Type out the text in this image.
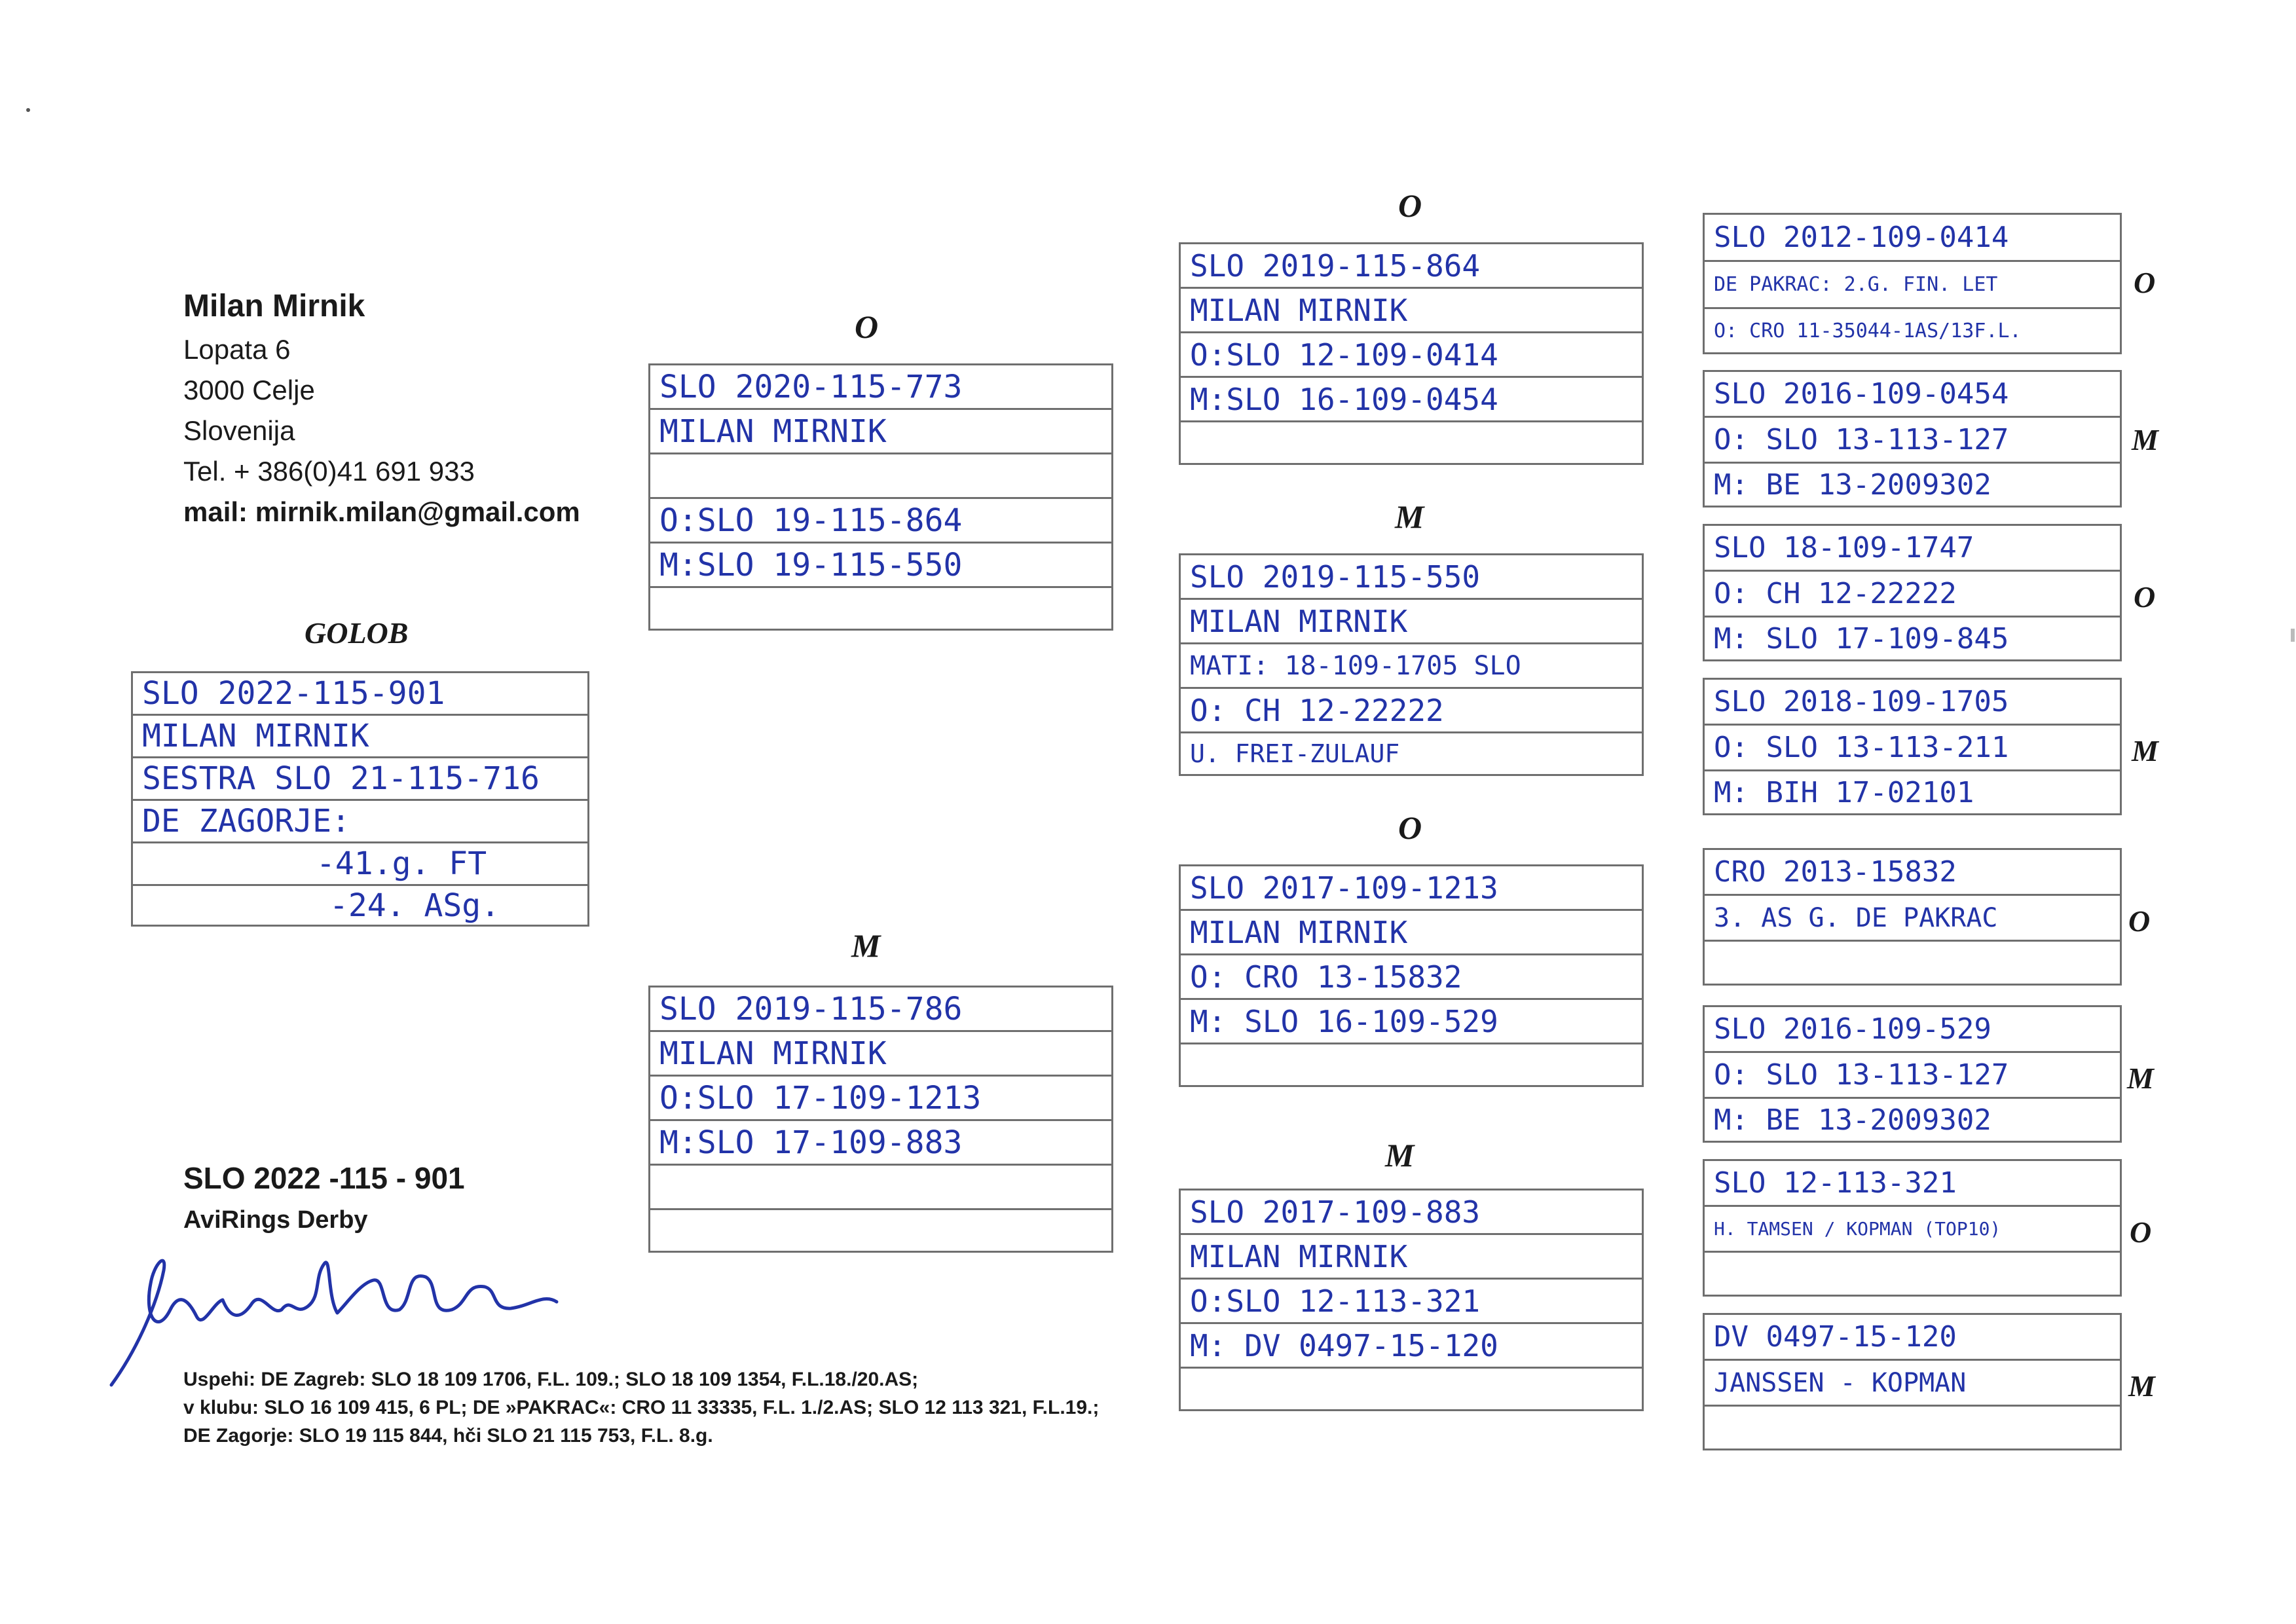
Milan Mirnik
Lopata 6
3000 Celje
Slovenija
Tel. + 386(0)41 691 933
mail: mirnik.milan@gmail.com
GOLOB
SLO 2022-115-901
MILAN MIRNIK
SESTRA SLO 21-115-716
DE ZAGORJE:
-41.g. FT
-24. ASg.
O
SLO 2020-115-773
MILAN MIRNIK
O:SLO 19-115-864
M:SLO 19-115-550
M
SLO 2019-115-786
MILAN MIRNIK
O:SLO 17-109-1213
M:SLO 17-109-883
O
SLO 2019-115-864
MILAN MIRNIK
O:SLO 12-109-0414
M:SLO 16-109-0454
M
SLO 2019-115-550
MILAN MIRNIK
MATI: 18-109-1705 SLO
O: CH 12-22222
U. FREI-ZULAUF
O
SLO 2017-109-1213
MILAN MIRNIK
O: CRO 13-15832
M: SLO 16-109-529
M
SLO 2017-109-883
MILAN MIRNIK
O:SLO 12-113-321
M: DV 0497-15-120
SLO 2012-109-0414
DE PAKRAC: 2.G. FIN. LET
O: CRO 11-35044-1AS/13F.L.
O
SLO 2016-109-0454
O: SLO 13-113-127
M: BE 13-2009302
M
SLO 18-109-1747
O: CH 12-22222
M: SLO 17-109-845
O
SLO 2018-109-1705
O: SLO 13-113-211
M: BIH 17-02101
M
CRO 2013-15832
3. AS G. DE PAKRAC	O
SLO 2016-109-529
O: SLO 13-113-127
M: BE 13-2009302
M
SLO 12-113-321
H. TAMSEN / KOPMAN (TOP10)	O
DV 0497-15-120
JANSSEN - KOPMAN	M
SLO 2022 -115 - 901
AviRings Derby
Uspehi: DE Zagreb: SLO 18 109 1706, F.L. 109.; SLO 18 109 1354, F.L.18./20.AS;
v klubu: SLO 16 109 415, 6 PL; DE »PAKRAC«: CRO 11 33335, F.L. 1./2.AS; SLO 12 113 321, F.L.19.;
DE Zagorje: SLO 19 115 844, hči SLO 21 115 753, F.L. 8.g.
